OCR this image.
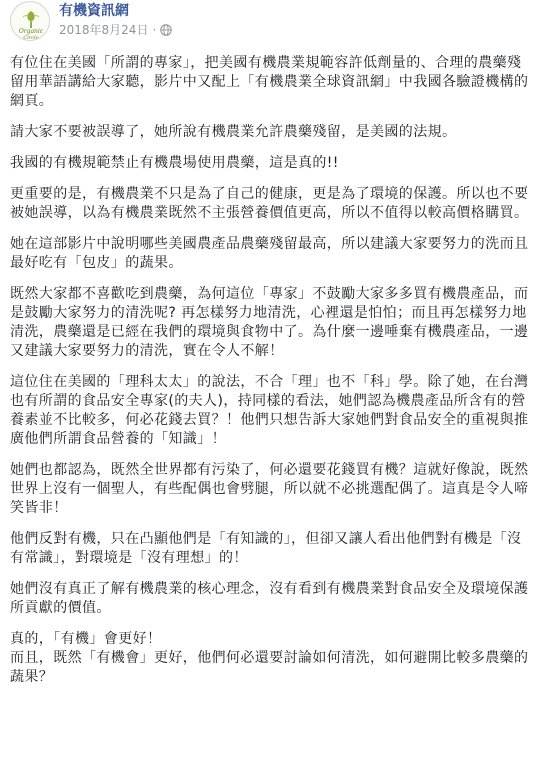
Organic
Circle
有機資訊網
2018年8月24日 ·

有位住在美國「所謂的專家」，把美國有機農業規範容許低劑量的、合理的農藥殘留用華語講給大家聽，影片中又配上「有機農業全球資訊網」中我國各驗證機構的網頁。

請大家不要被誤導了，她所說有機農業允許農藥殘留，是美國的法規。

我國的有機規範禁止有機農場使用農藥，這是真的!!

更重要的是，有機農業不只是為了自己的健康，更是為了環境的保護。所以也不要被她誤導，以為有機農業既然不主張營養價值更高，所以不值得以較高價格購買。

她在這部影片中說明哪些美國農產品農藥殘留最高，所以建議大家要努力的洗而且最好吃有「包皮」的蔬果。

既然大家都不喜歡吃到農藥，為何這位「專家」不鼓勵大家多多買有機農產品，而是鼓勵大家努力的清洗呢? 再怎樣努力地清洗，心裡還是怕怕；而且再怎樣努力地清洗，農藥還是已經在我們的環境與食物中了。為什麼一邊唾棄有機農產品，一邊又建議大家要努力的清洗，實在令人不解！

這位住在美國的「理科太太」的說法，不合「理」也不「科」學。除了她，在台灣也有所謂的食品安全專家(的夫人)，持同樣的看法，她們認為機農產品所含有的營養素並不比較多，何必花錢去買？！他們只想告訴大家她們對食品安全的重視與推廣他們所謂食品營養的「知識」！

她們也都認為，既然全世界都有污染了，何必還要花錢買有機？這就好像說，既然世界上沒有一個聖人，有些配偶也會劈腿，所以就不必挑選配偶了。這真是令人啼笑皆非！

他們反對有機，只在凸顯他們是「有知識的」，但卻又讓人看出他們對有機是「沒有常識」，對環境是「沒有理想」的！

她們沒有真正了解有機農業的核心理念，沒有看到有機農業對食品安全及環境保護所貢獻的價值。

真的，「有機」會更好！
而且，既然「有機會」更好，他們何必還要討論如何清洗，如何避開比較多農藥的蔬果？
